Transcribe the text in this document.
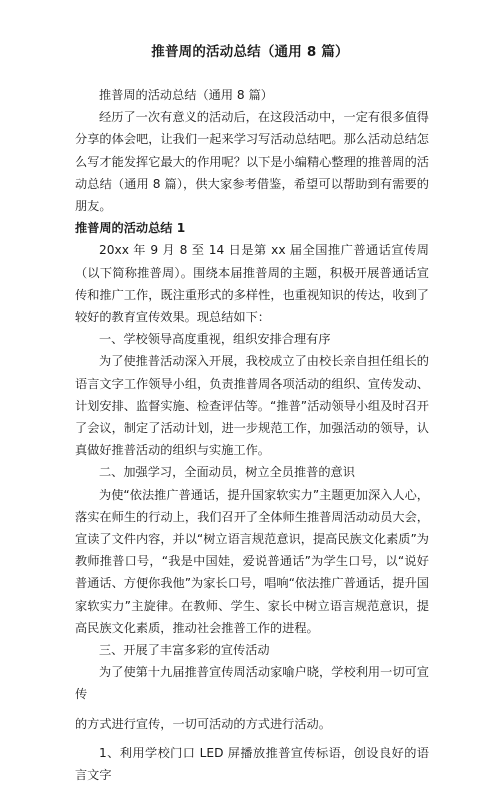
推普周的活动总结（通用 8 篇）

推普周的活动总结（通用 8 篇）

经历了一次有意义的活动后，在这段活动中，一定有很多值得分享的体会吧，让我们一起来学习写活动总结吧。那么活动总结怎么写才能发挥它最大的作用呢？以下是小编精心整理的推普周的活动总结（通用 8 篇），供大家参考借鉴，希望可以帮助到有需要的朋友。

推普周的活动总结 1

20xx 年 9 月 8 至 14 日是第 xx 届全国推广普通话宣传周（以下简称推普周）。围绕本届推普周的主题，积极开展普通话宣传和推广工作，既注重形式的多样性，也重视知识的传达，收到了较好的教育宣传效果。现总结如下：

一、学校领导高度重视，组织安排合理有序

为了使推普活动深入开展，我校成立了由校长亲自担任组长的语言文字工作领导小组，负责推普周各项活动的组织、宣传发动、计划安排、监督实施、检查评估等。“推普”活动领导小组及时召开了会议，制定了活动计划，进一步规范工作，加强活动的领导，认真做好推普活动的组织与实施工作。

二、加强学习，全面动员，树立全员推普的意识

为使“依法推广普通话，提升国家软实力”主题更加深入人心，落实在师生的行动上，我们召开了全体师生推普周活动动员大会，宣读了文件内容，并以“树立语言规范意识，提高民族文化素质”为教师推普口号，“我是中国娃，爱说普通话”为学生口号，以“说好普通话、方便你我他”为家长口号，唱响“依法推广普通话，提升国家软实力”主旋律。在教师、学生、家长中树立语言规范意识，提高民族文化素质，推动社会推普工作的进程。

三、开展了丰富多彩的宣传活动

为了使第十九届推普宣传周活动家喻户晓，学校利用一切可宣传

的方式进行宣传，一切可活动的方式进行活动。

1、利用学校门口 LED 屏播放推普宣传标语，创设良好的语言文字
